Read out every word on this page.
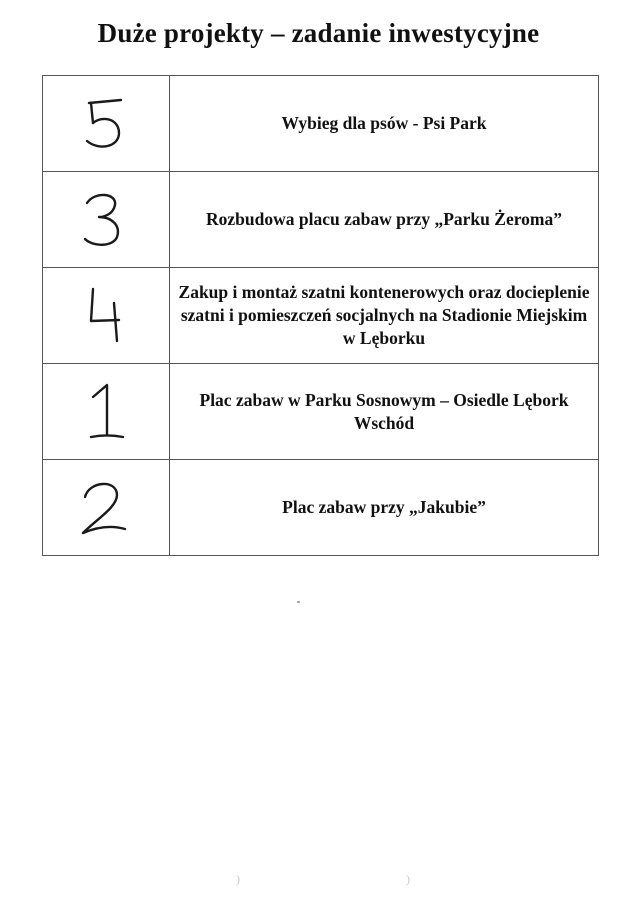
Duże projekty – zadanie inwestycyjne
	Wybieg dla psów - Psi Park

	Rozbudowa placu zabaw przy „Parku Żeroma”

	Zakup i montaż szatni kontenerowych oraz docieplenie szatni i pomieszczeń socjalnych na Stadionie Miejskim w Lęborku

	Plac zabaw w Parku Sosnowym – Osiedle Lębork Wschód

	Plac zabaw przy „Jakubie”
)	)
